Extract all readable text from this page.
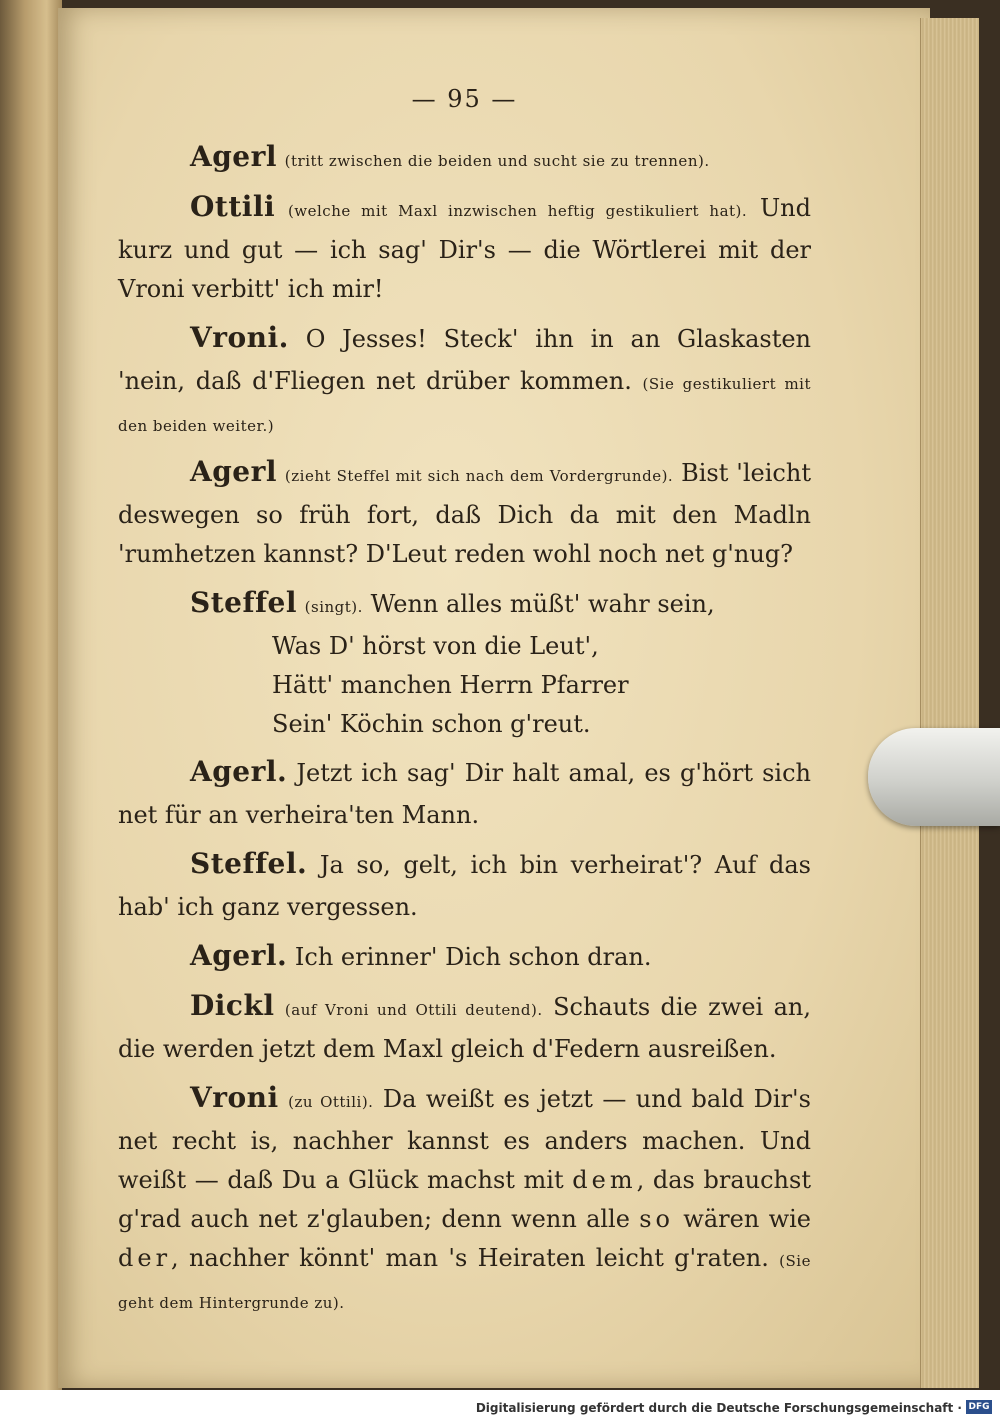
— 95 —

Agerl (tritt zwischen die beiden und sucht sie zu trennen).

Ottili (welche mit Maxl inzwischen heftig gestikuliert hat). Und kurz und gut — ich sag' Dir's — die Wörtlerei mit der Vroni verbitt' ich mir!

Vroni. O Jesses! Steck' ihn in an Glaskasten 'nein, daß d'Fliegen net drüber kommen. (Sie gestikuliert mit den beiden weiter.)

Agerl (zieht Steffel mit sich nach dem Vordergrunde). Bist 'leicht deswegen so früh fort, daß Dich da mit den Madln 'rumhetzen kannst? D'Leut reden wohl noch net g'nug?

Steffel (singt). Wenn alles müßt' wahr sein,
Was D' hörst von die Leut',
Hätt' manchen Herrn Pfarrer
Sein' Köchin schon g'reut.

Agerl. Jetzt ich sag' Dir halt amal, es g'hört sich net für an verheira'ten Mann.

Steffel. Ja so, gelt, ich bin verheirat'? Auf das hab' ich ganz vergessen.

Agerl. Ich erinner' Dich schon dran.

Dickl (auf Vroni und Ottili deutend). Schauts die zwei an, die werden jetzt dem Maxl gleich d'Federn ausreißen.

Vroni (zu Ottili). Da weißt es jetzt — und bald Dir's net recht is, nachher kannst es anders machen. Und weißt — daß Du a Glück machst mit dem, das brauchst g'rad auch net z'glauben; denn wenn alle so wären wie der, nachher könnt' man 's Heiraten leicht g'raten. (Sie geht dem Hintergrunde zu).

Digitalisierung gefördert durch die Deutsche Forschungsgemeinschaft · DFG
